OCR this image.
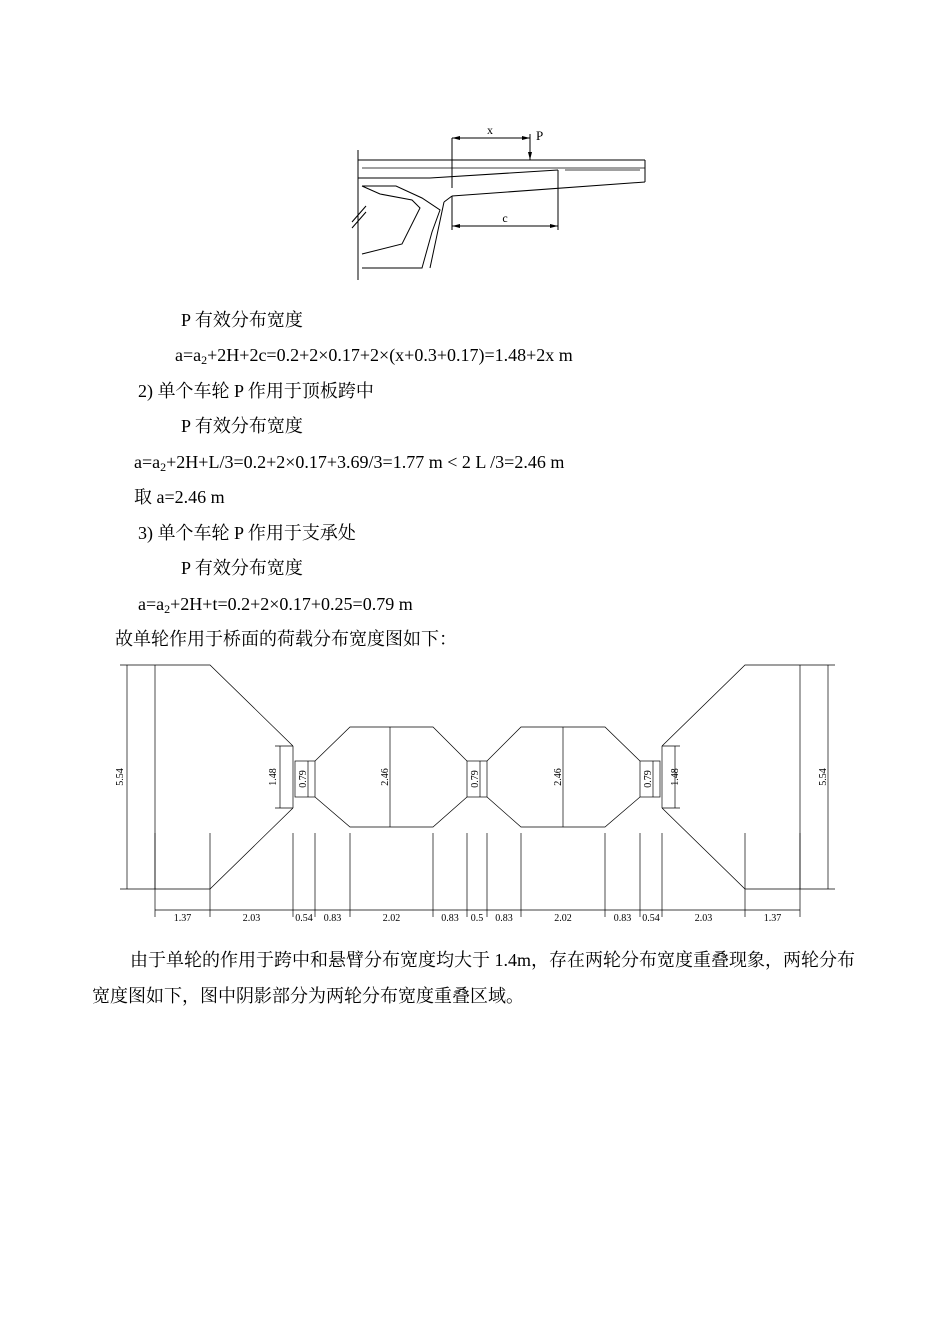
x	P
c
P 有效分布宽度
$a=a_2+2H+2c=0.2+2\times 0.17+2\times(x+0.3+0.17)=1.48+2x$ m
2) 单个车轮 P 作用于顶板跨中
P 有效分布宽度
$a=a_2+2H+L/3=0.2+2\times 0.17+3.69/3=1.77$ m < 2 L /3=2.46 m
取 a=2.46 m
3) 单个车轮 P 作用于支承处
P 有效分布宽度
$a=a_2+2H+t=0.2+2\times 0.17+0.25=0.79$ m
故单轮作用于桥面的荷载分布宽度图如下：
5.54	1.48 0.79	2.46	0.79	2.46	0.79 1.48	5.54
1.37	2.03	0.54 0.83	2.02	0.83 0.5 0.83	2.02	0.83 0.54	2.03	1.37
由于单轮的作用于跨中和悬臂分布宽度均大于 1.4m，存在两轮分布宽度重叠现象，两轮分布宽度图如下，图中阴影部分为两轮分布宽度重叠区域。
